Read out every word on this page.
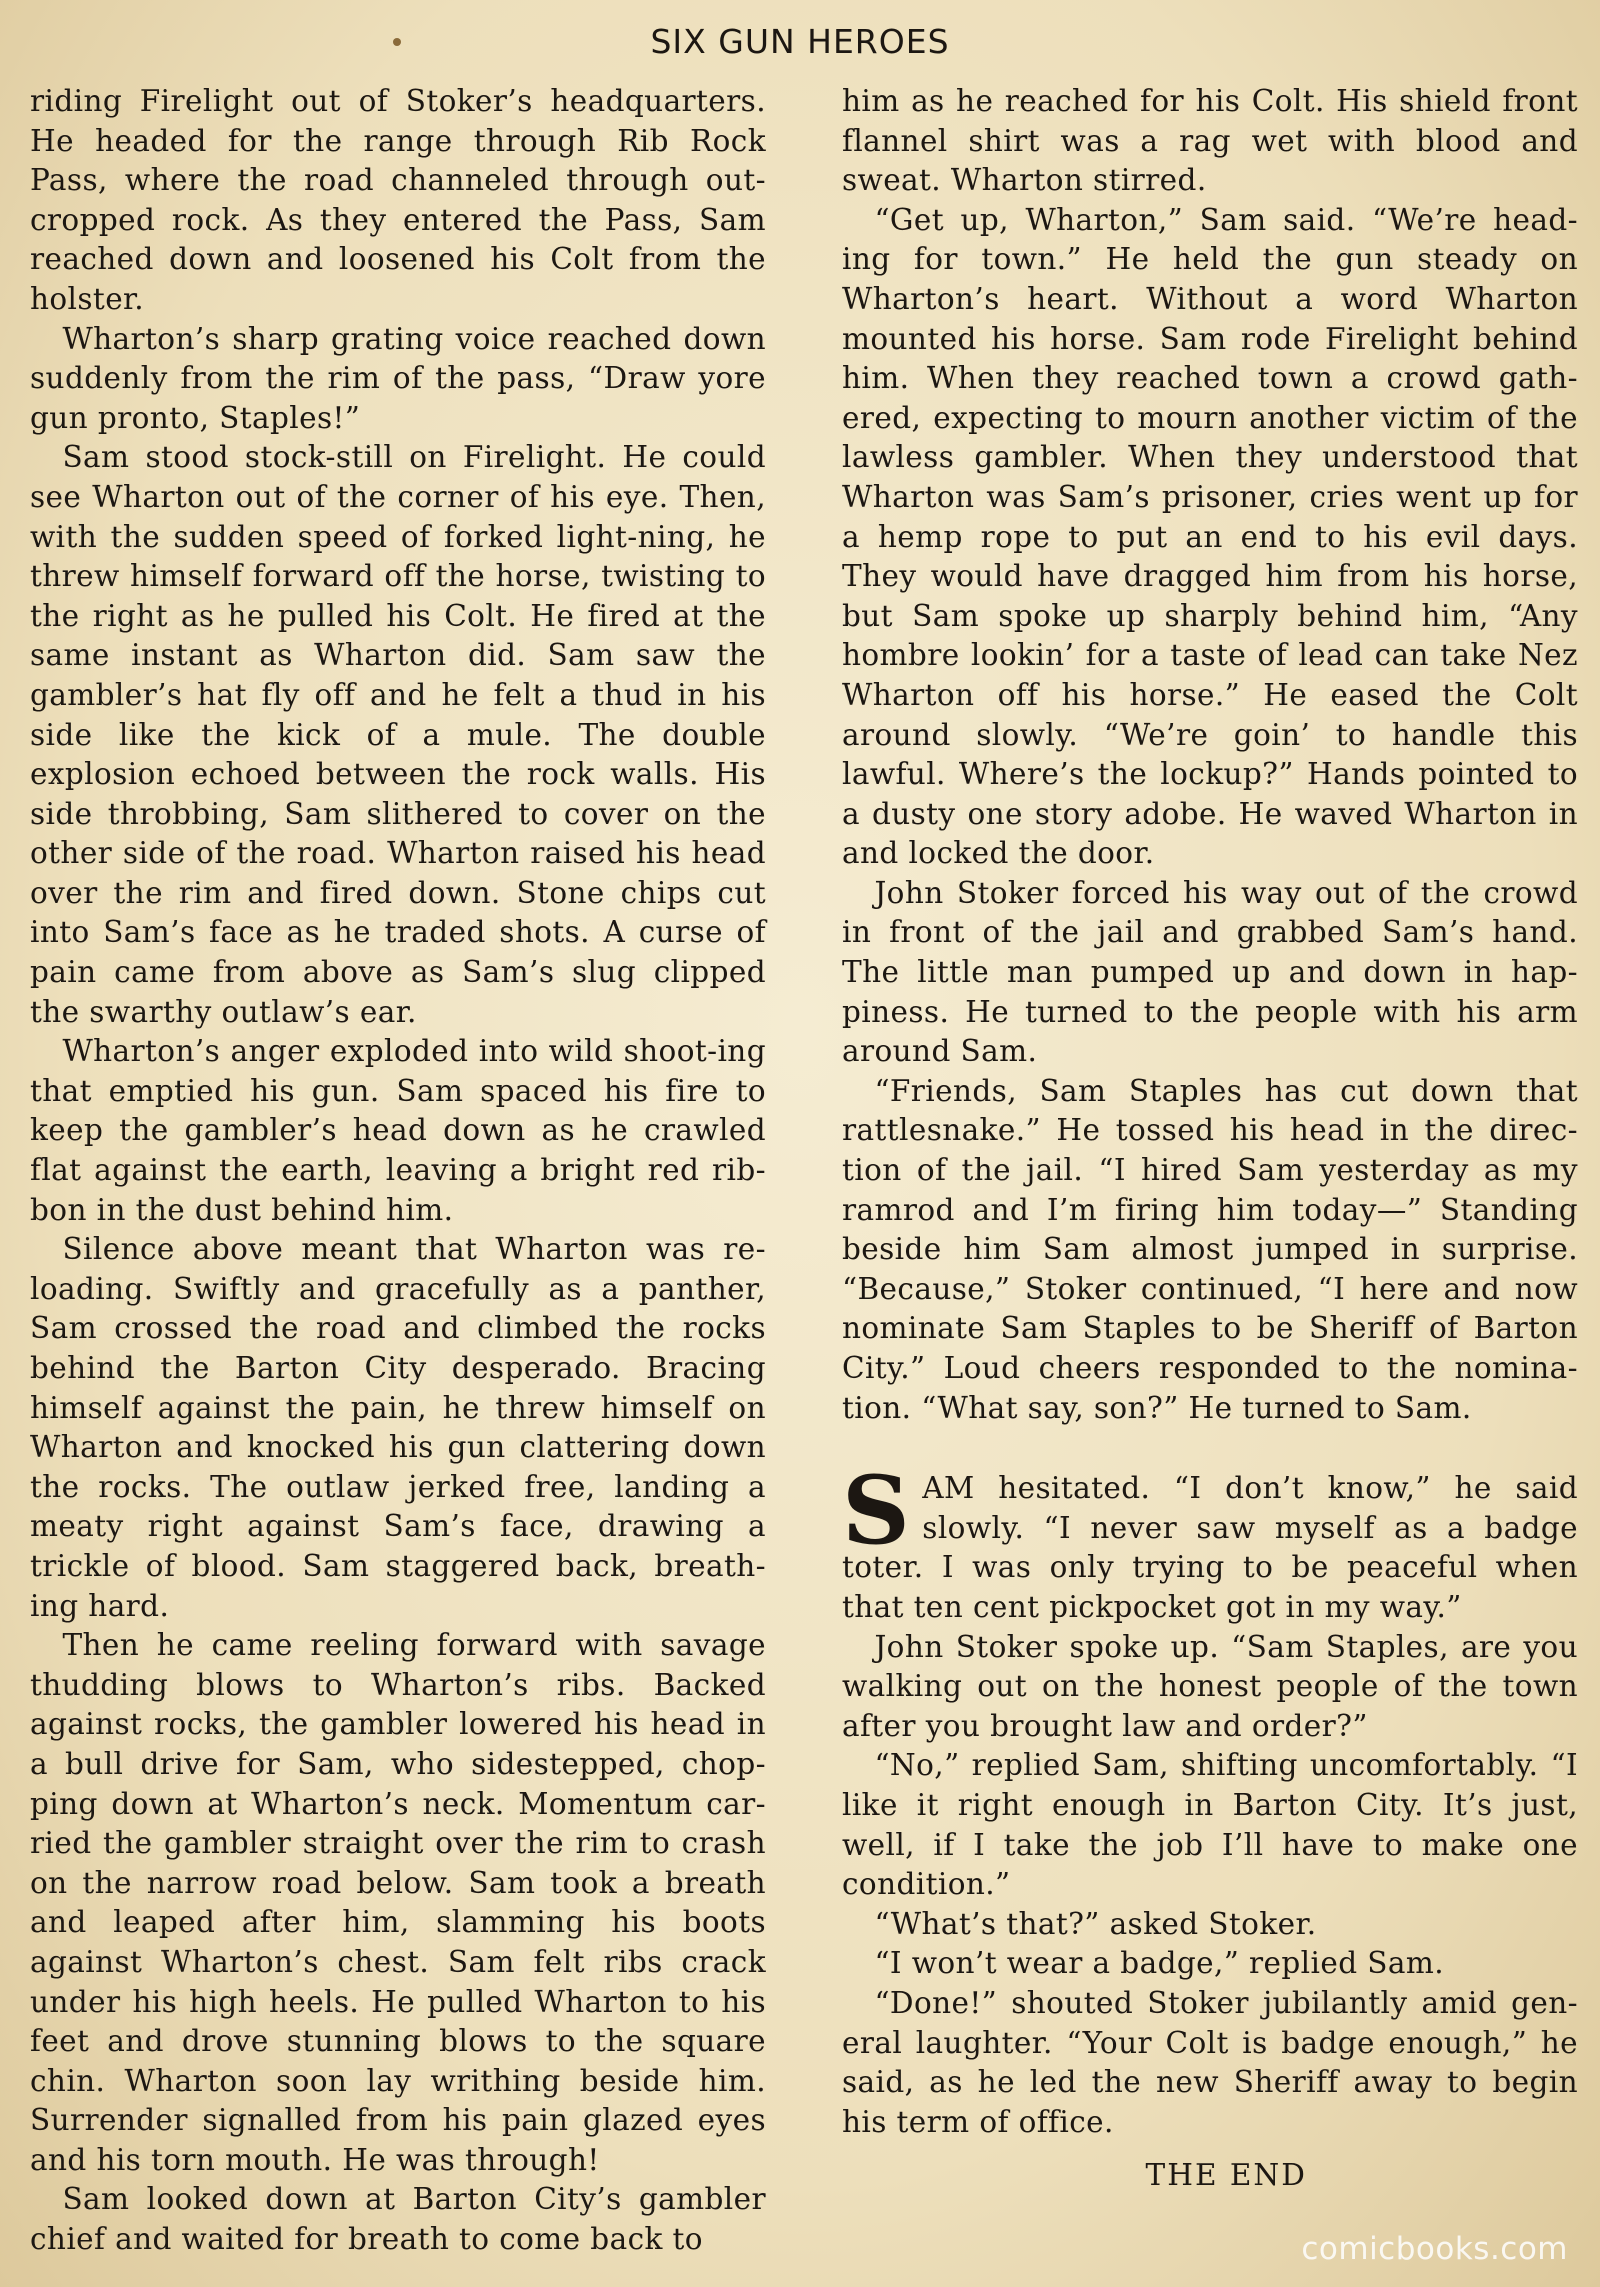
SIX GUN HEROES

riding Firelight out of Stoker’s headquarters. He headed for the range through Rib Rock Pass, where the road channeled through out-cropped rock. As they entered the Pass, Sam reached down and loosened his Colt from the holster.

Wharton’s sharp grating voice reached down suddenly from the rim of the pass, “Draw yore gun pronto, Staples!”

Sam stood stock-still on Firelight. He could see Wharton out of the corner of his eye. Then, with the sudden speed of forked light-ning, he threw himself forward off the horse, twisting to the right as he pulled his Colt. He fired at the same instant as Wharton did. Sam saw the gambler’s hat fly off and he felt a thud in his side like the kick of a mule. The double explosion echoed between the rock walls. His side throbbing, Sam slithered to cover on the other side of the road. Wharton raised his head over the rim and fired down. Stone chips cut into Sam’s face as he traded shots. A curse of pain came from above as Sam’s slug clipped the swarthy outlaw’s ear.

Wharton’s anger exploded into wild shoot-ing that emptied his gun. Sam spaced his fire to keep the gambler’s head down as he crawled flat against the earth, leaving a bright red rib-bon in the dust behind him.

Silence above meant that Wharton was re-loading. Swiftly and gracefully as a panther, Sam crossed the road and climbed the rocks behind the Barton City desperado. Bracing himself against the pain, he threw himself on Wharton and knocked his gun clattering down the rocks. The outlaw jerked free, landing a meaty right against Sam’s face, drawing a trickle of blood. Sam staggered back, breath-ing hard.

Then he came reeling forward with savage thudding blows to Wharton’s ribs. Backed against rocks, the gambler lowered his head in a bull drive for Sam, who sidestepped, chop-ping down at Wharton’s neck. Momentum car-ried the gambler straight over the rim to crash on the narrow road below. Sam took a breath and leaped after him, slamming his boots against Wharton’s chest. Sam felt ribs crack under his high heels. He pulled Wharton to his feet and drove stunning blows to the square chin. Wharton soon lay writhing beside him. Surrender signalled from his pain glazed eyes and his torn mouth. He was through!

Sam looked down at Barton City’s gambler chief and waited for breath to come back to

him as he reached for his Colt. His shield front flannel shirt was a rag wet with blood and sweat. Wharton stirred.

“Get up, Wharton,” Sam said. “We’re head-ing for town.” He held the gun steady on Wharton’s heart. Without a word Wharton mounted his horse. Sam rode Firelight behind him. When they reached town a crowd gath-ered, expecting to mourn another victim of the lawless gambler. When they understood that Wharton was Sam’s prisoner, cries went up for a hemp rope to put an end to his evil days. They would have dragged him from his horse, but Sam spoke up sharply behind him, “Any hombre lookin’ for a taste of lead can take Nez Wharton off his horse.” He eased the Colt around slowly. “We’re goin’ to handle this lawful. Where’s the lockup?” Hands pointed to a dusty one story adobe. He waved Wharton in and locked the door.

John Stoker forced his way out of the crowd in front of the jail and grabbed Sam’s hand. The little man pumped up and down in hap-piness. He turned to the people with his arm around Sam.

“Friends, Sam Staples has cut down that rattlesnake.” He tossed his head in the direc-tion of the jail. “I hired Sam yesterday as my ramrod and I’m firing him today—” Standing beside him Sam almost jumped in surprise. “Because,” Stoker continued, “I here and now nominate Sam Staples to be Sheriff of Barton City.” Loud cheers responded to the nomina-tion. “What say, son?” He turned to Sam.

SAM hesitated. “I don’t know,” he said slowly. “I never saw myself as a badge toter. I was only trying to be peaceful when that ten cent pickpocket got in my way.”

John Stoker spoke up. “Sam Staples, are you walking out on the honest people of the town after you brought law and order?”

“No,” replied Sam, shifting uncomfortably. “I like it right enough in Barton City. It’s just, well, if I take the job I’ll have to make one condition.”

“What’s that?” asked Stoker.

“I won’t wear a badge,” replied Sam.

“Done!” shouted Stoker jubilantly amid gen-eral laughter. “Your Colt is badge enough,” he said, as he led the new Sheriff away to begin his term of office.

THE END

comicbooks.com
